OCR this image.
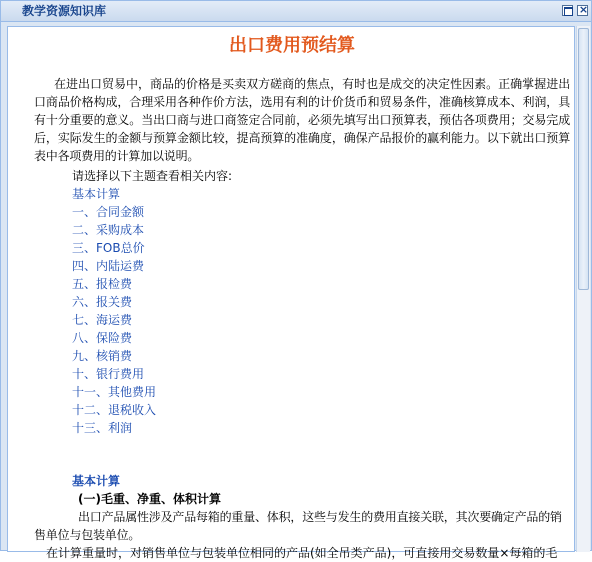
教学资源知识库	×
出口费用预结算

在进出口贸易中，商品的价格是买卖双方磋商的焦点，有时也是成交的决定性因素。正确掌握进出口商品价格构成，合理采用各种作价方法，选用有利的计价货币和贸易条件，准确核算成本、利润，具有十分重要的意义。当出口商与进口商签定合同前，必须先填写出口预算表，预估各项费用；交易完成后，实际发生的金额与预算金额比较，提高预算的准确度，确保产品报价的赢利能力。以下就出口预算表中各项费用的计算加以说明。

请选择以下主题查看相关内容:
基本计算
一、合同金额
二、采购成本
三、FOB总价
四、内陆运费
五、报检费
六、报关费
七、海运费
八、保险费
九、核销费
十、银行费用
十一、其他费用
十二、退税收入
十三、利润
基本计算
(一)毛重、净重、体积计算

出口产品属性涉及产品每箱的重量、体积，这些与发生的费用直接关联，其次要确定产品的销售单位与包装单位。

在计算重量时，对销售单位与包装单位相同的产品(如全吊类产品)，可直接用交易数量×每箱的毛
